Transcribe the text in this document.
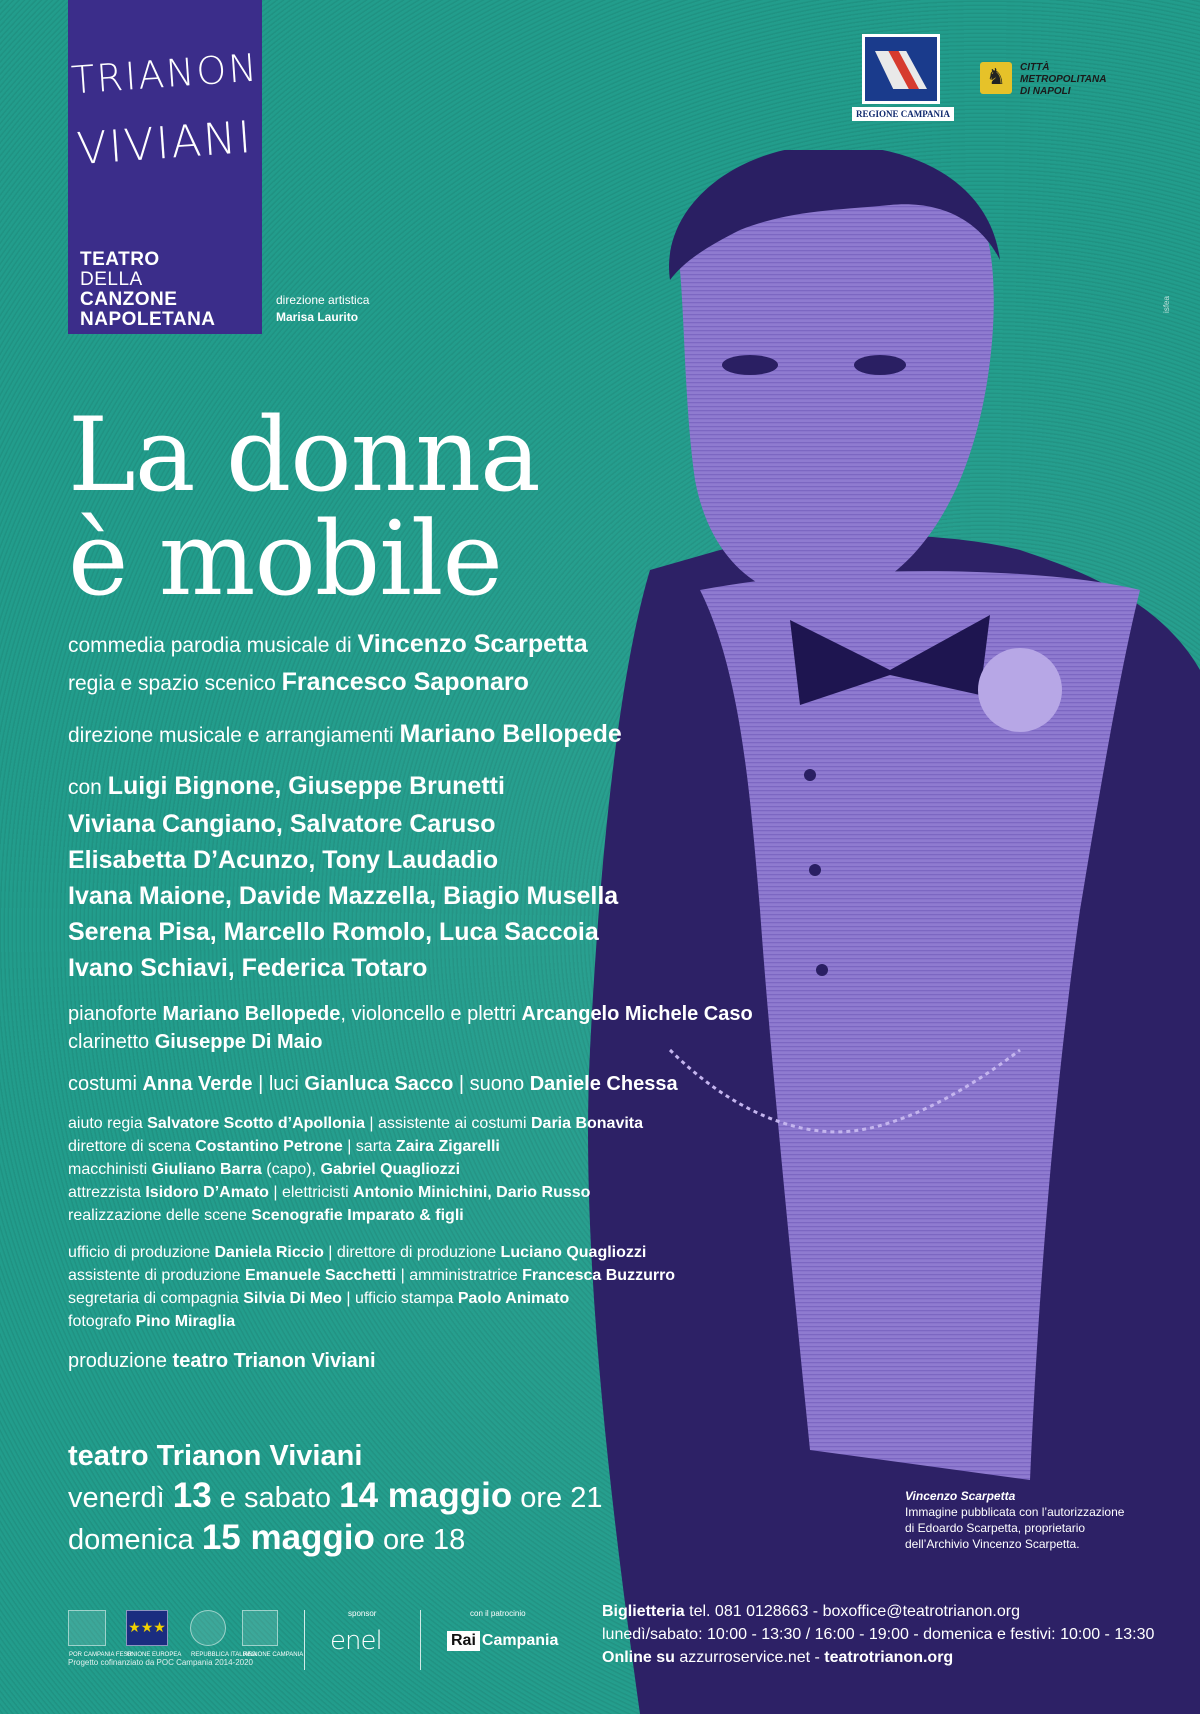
TRIANON
VIVIANI
TEATRO
DELLA
CANZONE
NAPOLETANA
direzione artistica
Marisa Laurito
REGIONE CAMPANIA
♞	CITTÀ
METROPOLITANA
DI NAPOLI
isfea
La donna
è mobile
commedia parodia musicale di Vincenzo Scarpetta
regia e spazio scenico Francesco Saponaro
direzione musicale e arrangiamenti Mariano Bellopede
con Luigi Bignone, Giuseppe Brunetti
Viviana Cangiano, Salvatore Caruso
Elisabetta D’Acunzo, Tony Laudadio
Ivana Maione, Davide Mazzella, Biagio Musella
Serena Pisa, Marcello Romolo, Luca Saccoia
Ivano Schiavi, Federica Totaro
pianoforte Mariano Bellopede, violoncello e plettri Arcangelo Michele Caso
clarinetto Giuseppe Di Maio
costumi Anna Verde | luci Gianluca Sacco | suono Daniele Chessa
aiuto regia Salvatore Scotto d’Apollonia | assistente ai costumi Daria Bonavita
direttore di scena Costantino Petrone | sarta Zaira Zigarelli
macchinisti Giuliano Barra (capo), Gabriel Quagliozzi
attrezzista Isidoro D’Amato | elettricisti Antonio Minichini, Dario Russo
realizzazione delle scene Scenografie Imparato & figli
ufficio di produzione Daniela Riccio | direttore di produzione Luciano Quagliozzi
assistente di produzione Emanuele Sacchetti | amministratrice Francesca Buzzurro
segretaria di compagnia Silvia Di Meo | ufficio stampa Paolo Animato
fotografo Pino Miraglia
produzione teatro Trianon Viviani
teatro Trianon Viviani
venerdì 13 e sabato 14 maggio ore 21
domenica 15 maggio ore 18
Vincenzo Scarpetta
Immagine pubblicata con l’autorizzazione
di Edoardo Scarpetta, proprietario
dell’Archivio Vincenzo Scarpetta.
POR CAMPANIA FESR
★★★
UNIONE EUROPEA REPUBBLICA ITALIANA
REGIONE CAMPANIA
Progetto cofinanziato da POC Campania 2014-2020
sponsor
enel
con il patrocinio
Rai Campania
Biglietteria tel. 081 0128663 - boxoffice@teatrotrianon.org
lunedì/sabato: 10:00 - 13:30 / 16:00 - 19:00 - domenica e festivi: 10:00 - 13:30
Online su azzurroservice.net - teatrotrianon.org
